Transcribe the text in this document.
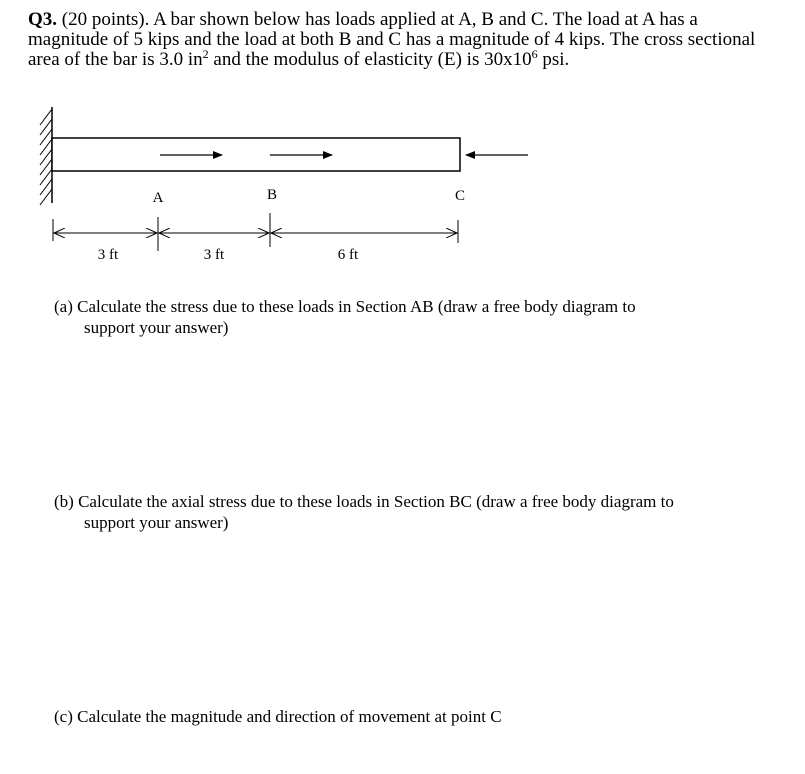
Q3. (20 points). A bar shown below has loads applied at A, B and C. The load at A has a
magnitude of 5 kips and the load at both B and C has a magnitude of 4 kips. The cross sectional
area of the bar is 3.0 $in^2$ and the modulus of elasticity (E) is $30x10^6$ psi.
A	B	C
3 ft	3 ft	6 ft
(a) Calculate the stress due to these loads in Section AB (draw a free body diagram to
support your answer)
(b) Calculate the axial stress due to these loads in Section BC (draw a free body diagram to
support your answer)
(c) Calculate the magnitude and direction of movement at point C
